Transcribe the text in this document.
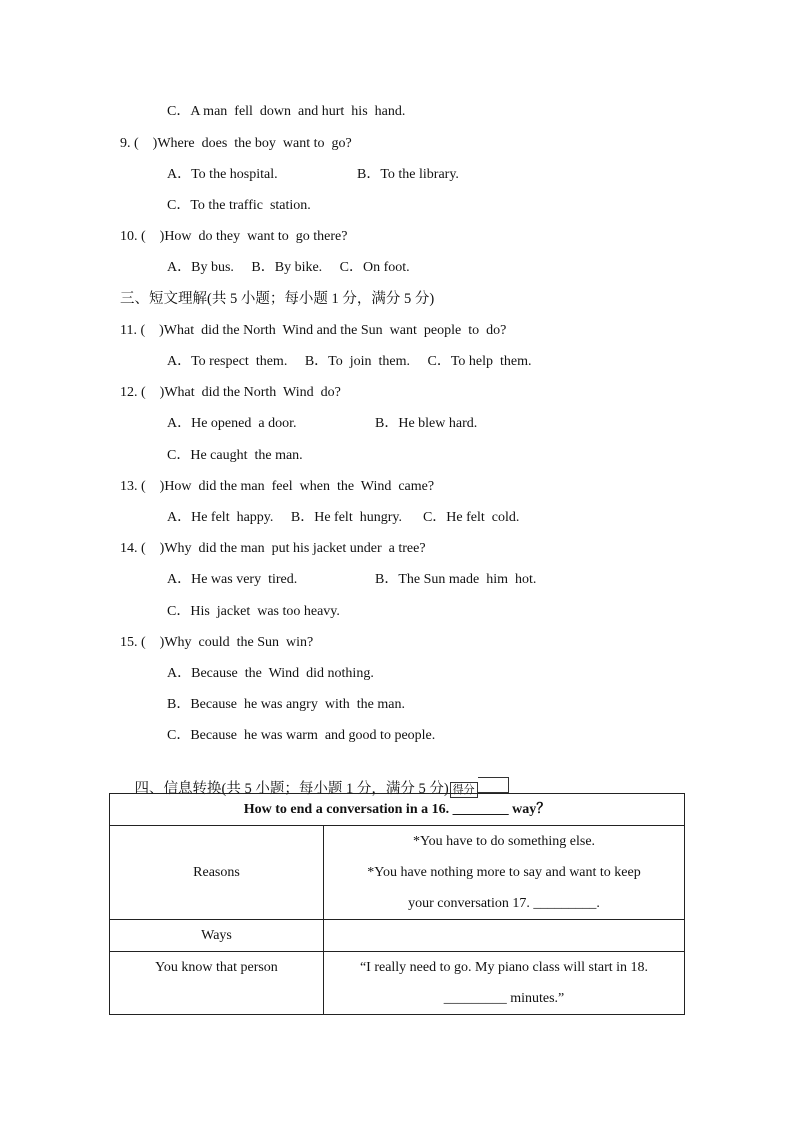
C．A man  fell  down  and hurt  his  hand.
9. (    )Where  does  the boy  want to  go?
A．To the hospital.	B．To the library.
C．To the traffic  station.
10. (    )How  do they  want to  go there?
A．By bus.     B．By bike.     C．On foot.
三、短文理解(共 5 小题；每小题 1 分，满分 5 分)
11. (    )What  did the North  Wind and the Sun  want  people  to  do?
A．To respect  them.     B．To  join  them.     C．To help  them.
12. (    )What  did the North  Wind  do?
A．He opened  a door.	B．He blew hard.
C．He caught  the man.
13. (    )How  did the man  feel  when  the  Wind  came?
A．He felt  happy.     B．He felt  hungry.      C．He felt  cold.
14. (    )Why  did the man  put his jacket under  a tree?
A．He was very  tired.	B．The Sun made  him  hot.
C．His  jacket  was too heavy.
15. (    )Why  could  the Sun  win?
A．Because  the  Wind  did nothing.
B．Because  he was angry  with  the man.
C．Because  he was warm  and good to people.

四、信息转换(共 5 小题；每小题 1 分，满分 5 分) 得分

How to end a conversation in a 16. ________ way？	
Reasons	*You have to do something else.
*You have nothing more to say and want to keep
your conversation 17. _________.

Ways	
You know that person	“I really need to go. My piano class will start in 18.
_________ minutes.”
